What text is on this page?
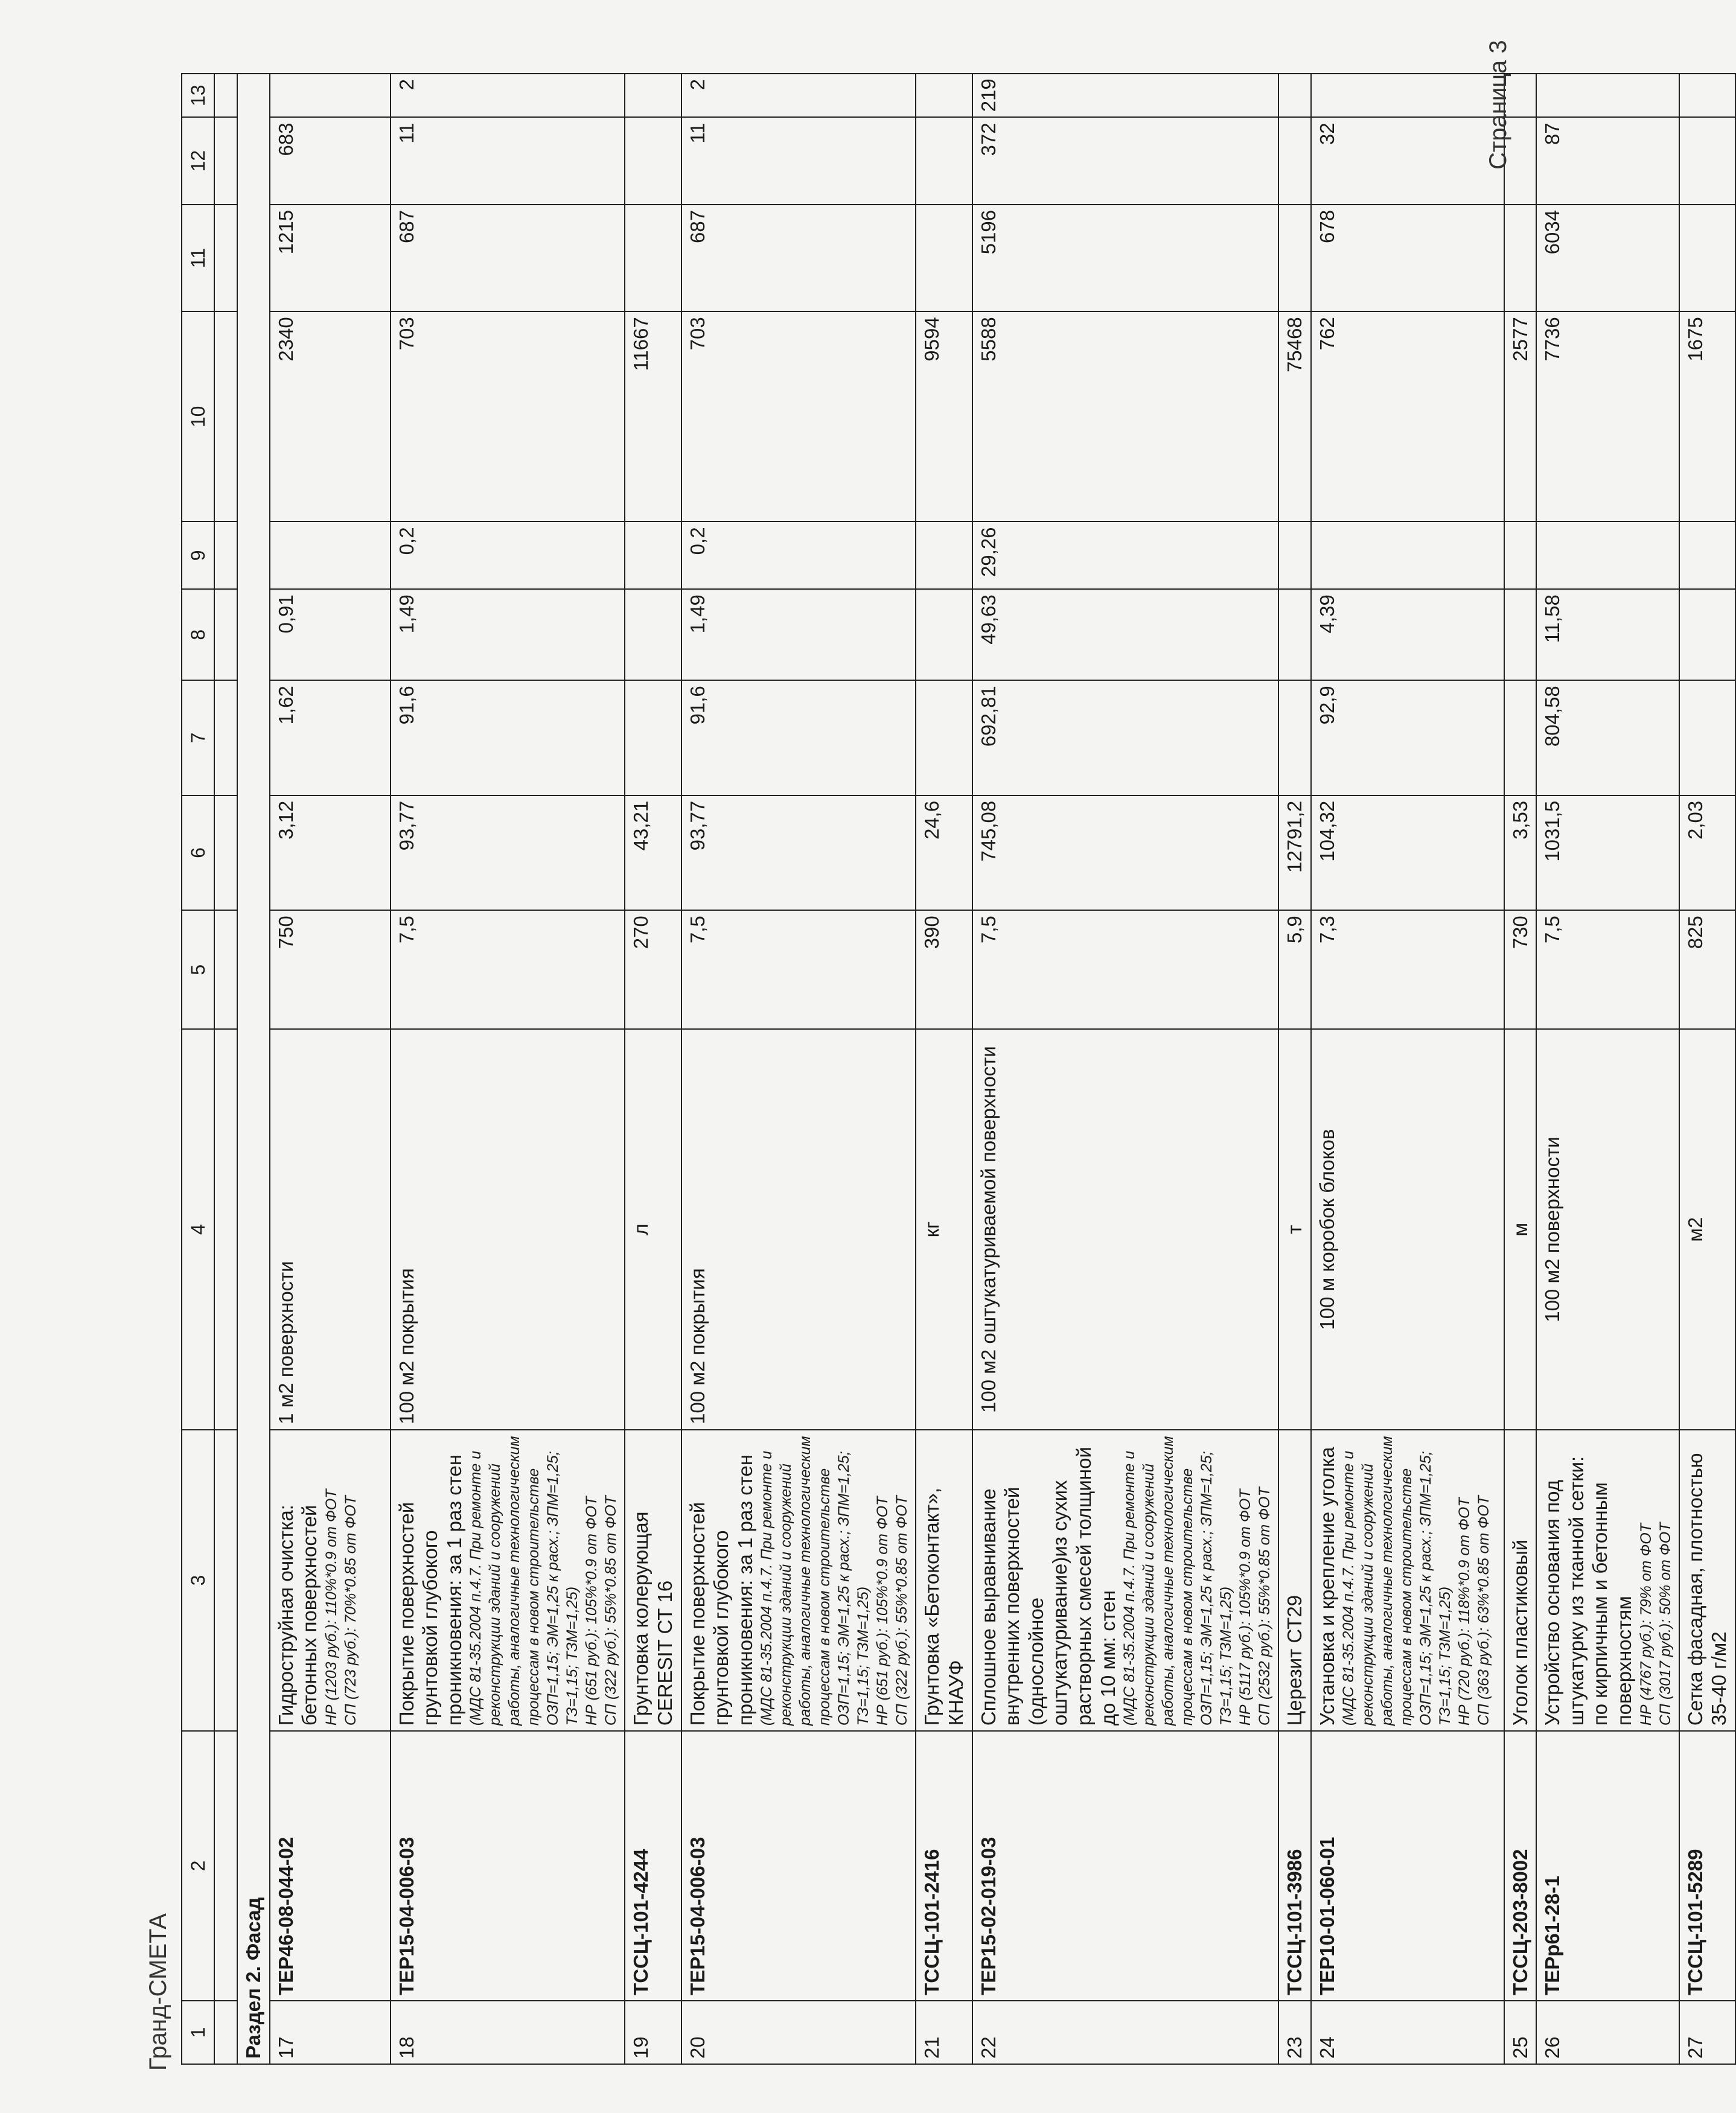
Гранд-СМЕТА 1	2	3	4	5	6	7	8	9	10	11	12	13

Раздел 2. Фасад												
17	ТЕР46-08-044-02	Гидроструйная очистка: бетонных поверхностей НР (1203 руб.): 110%*0.9 от ФОТ СП (723 руб.): 70%*0.85 от ФОТ	1 м2 поверхности	750	3,12	1,62	0,91		2340	1215	683	
18	ТЕР15-04-006-03	Покрытие поверхностей грунтовкой глубокого проникновения: за 1 раз стен (МДС 81-35.2004 п.4.7. При ремонте и реконструкции зданий и сооружений работы, аналогичные технологическим процессам в новом строительстве ОЗП=1,15; ЭМ=1,25 к расх.; ЗПМ=1,25; ТЗ=1,15; ТЗМ=1,25) НР (651 руб.): 105%*0.9 от ФОТ СП (322 руб.): 55%*0.85 от ФОТ	100 м2 покрытия	7,5	93,77	91,6	1,49	0,2	703	687	11	2
19	ТССЦ-101-4244	Грунтовка колерующая CERESIT СТ 16	л	270	43,21				11667			
20	ТЕР15-04-006-03	Покрытие поверхностей грунтовкой глубокого проникновения: за 1 раз стен (МДС 81-35.2004 п.4.7. При ремонте и реконструкции зданий и сооружений работы, аналогичные технологическим процессам в новом строительстве ОЗП=1,15; ЭМ=1,25 к расх.; ЗПМ=1,25; ТЗ=1,15; ТЗМ=1,25) НР (651 руб.): 105%*0.9 от ФОТ СП (322 руб.): 55%*0.85 от ФОТ	100 м2 покрытия	7,5	93,77	91,6	1,49	0,2	703	687	11	2
21	ТССЦ-101-2416	Грунтовка «Бетоконтакт», КНАУФ	кг	390	24,6				9594			
22	ТЕР15-02-019-03	Сплошное выравнивание внутренних поверхностей (однослойное оштукатуривание)из сухих растворных смесей толщиной до 10 мм: стен (МДС 81-35.2004 п.4.7. При ремонте и реконструкции зданий и сооружений работы, аналогичные технологическим процессам в новом строительстве ОЗП=1,15; ЭМ=1,25 к расх.; ЗПМ=1,25; ТЗ=1,15; ТЗМ=1,25) НР (5117 руб.): 105%*0.9 от ФОТ СП (2532 руб.): 55%*0.85 от ФОТ	100 м2 оштукатуриваемой поверхности	7,5	745,08	692,81	49,63	29,26	5588	5196	372	219
23	ТССЦ-101-3986	Церезит СТ29	т	5,9	12791,2				75468			
24	ТЕР10-01-060-01	Установка и крепление уголка (МДС 81-35.2004 п.4.7. При ремонте и реконструкции зданий и сооружений работы, аналогичные технологическим процессам в новом строительстве ОЗП=1,15; ЭМ=1,25 к расх.; ЗПМ=1,25; ТЗ=1,15; ТЗМ=1,25) НР (720 руб.): 118%*0.9 от ФОТ СП (363 руб.): 63%*0.85 от ФОТ	100 м коробок блоков	7,3	104,32	92,9	4,39		762	678	32	
25	ТССЦ-203-8002	Уголок пластиковый	м	730	3,53				2577			
26	ТЕРр61-28-1	Устройство основания под штукатурку из тканной сетки: по кирпичным и бетонным поверхностям НР (4767 руб.): 79% от ФОТ СП (3017 руб.): 50% от ФОТ	100 м2 поверхности	7,5	1031,5	804,58	11,58		7736	6034	87	
27	ТССЦ-101-5289	Сетка фасадная, плотностью 35-40 г/м2	м2	825	2,03				1675			
Страница 3
